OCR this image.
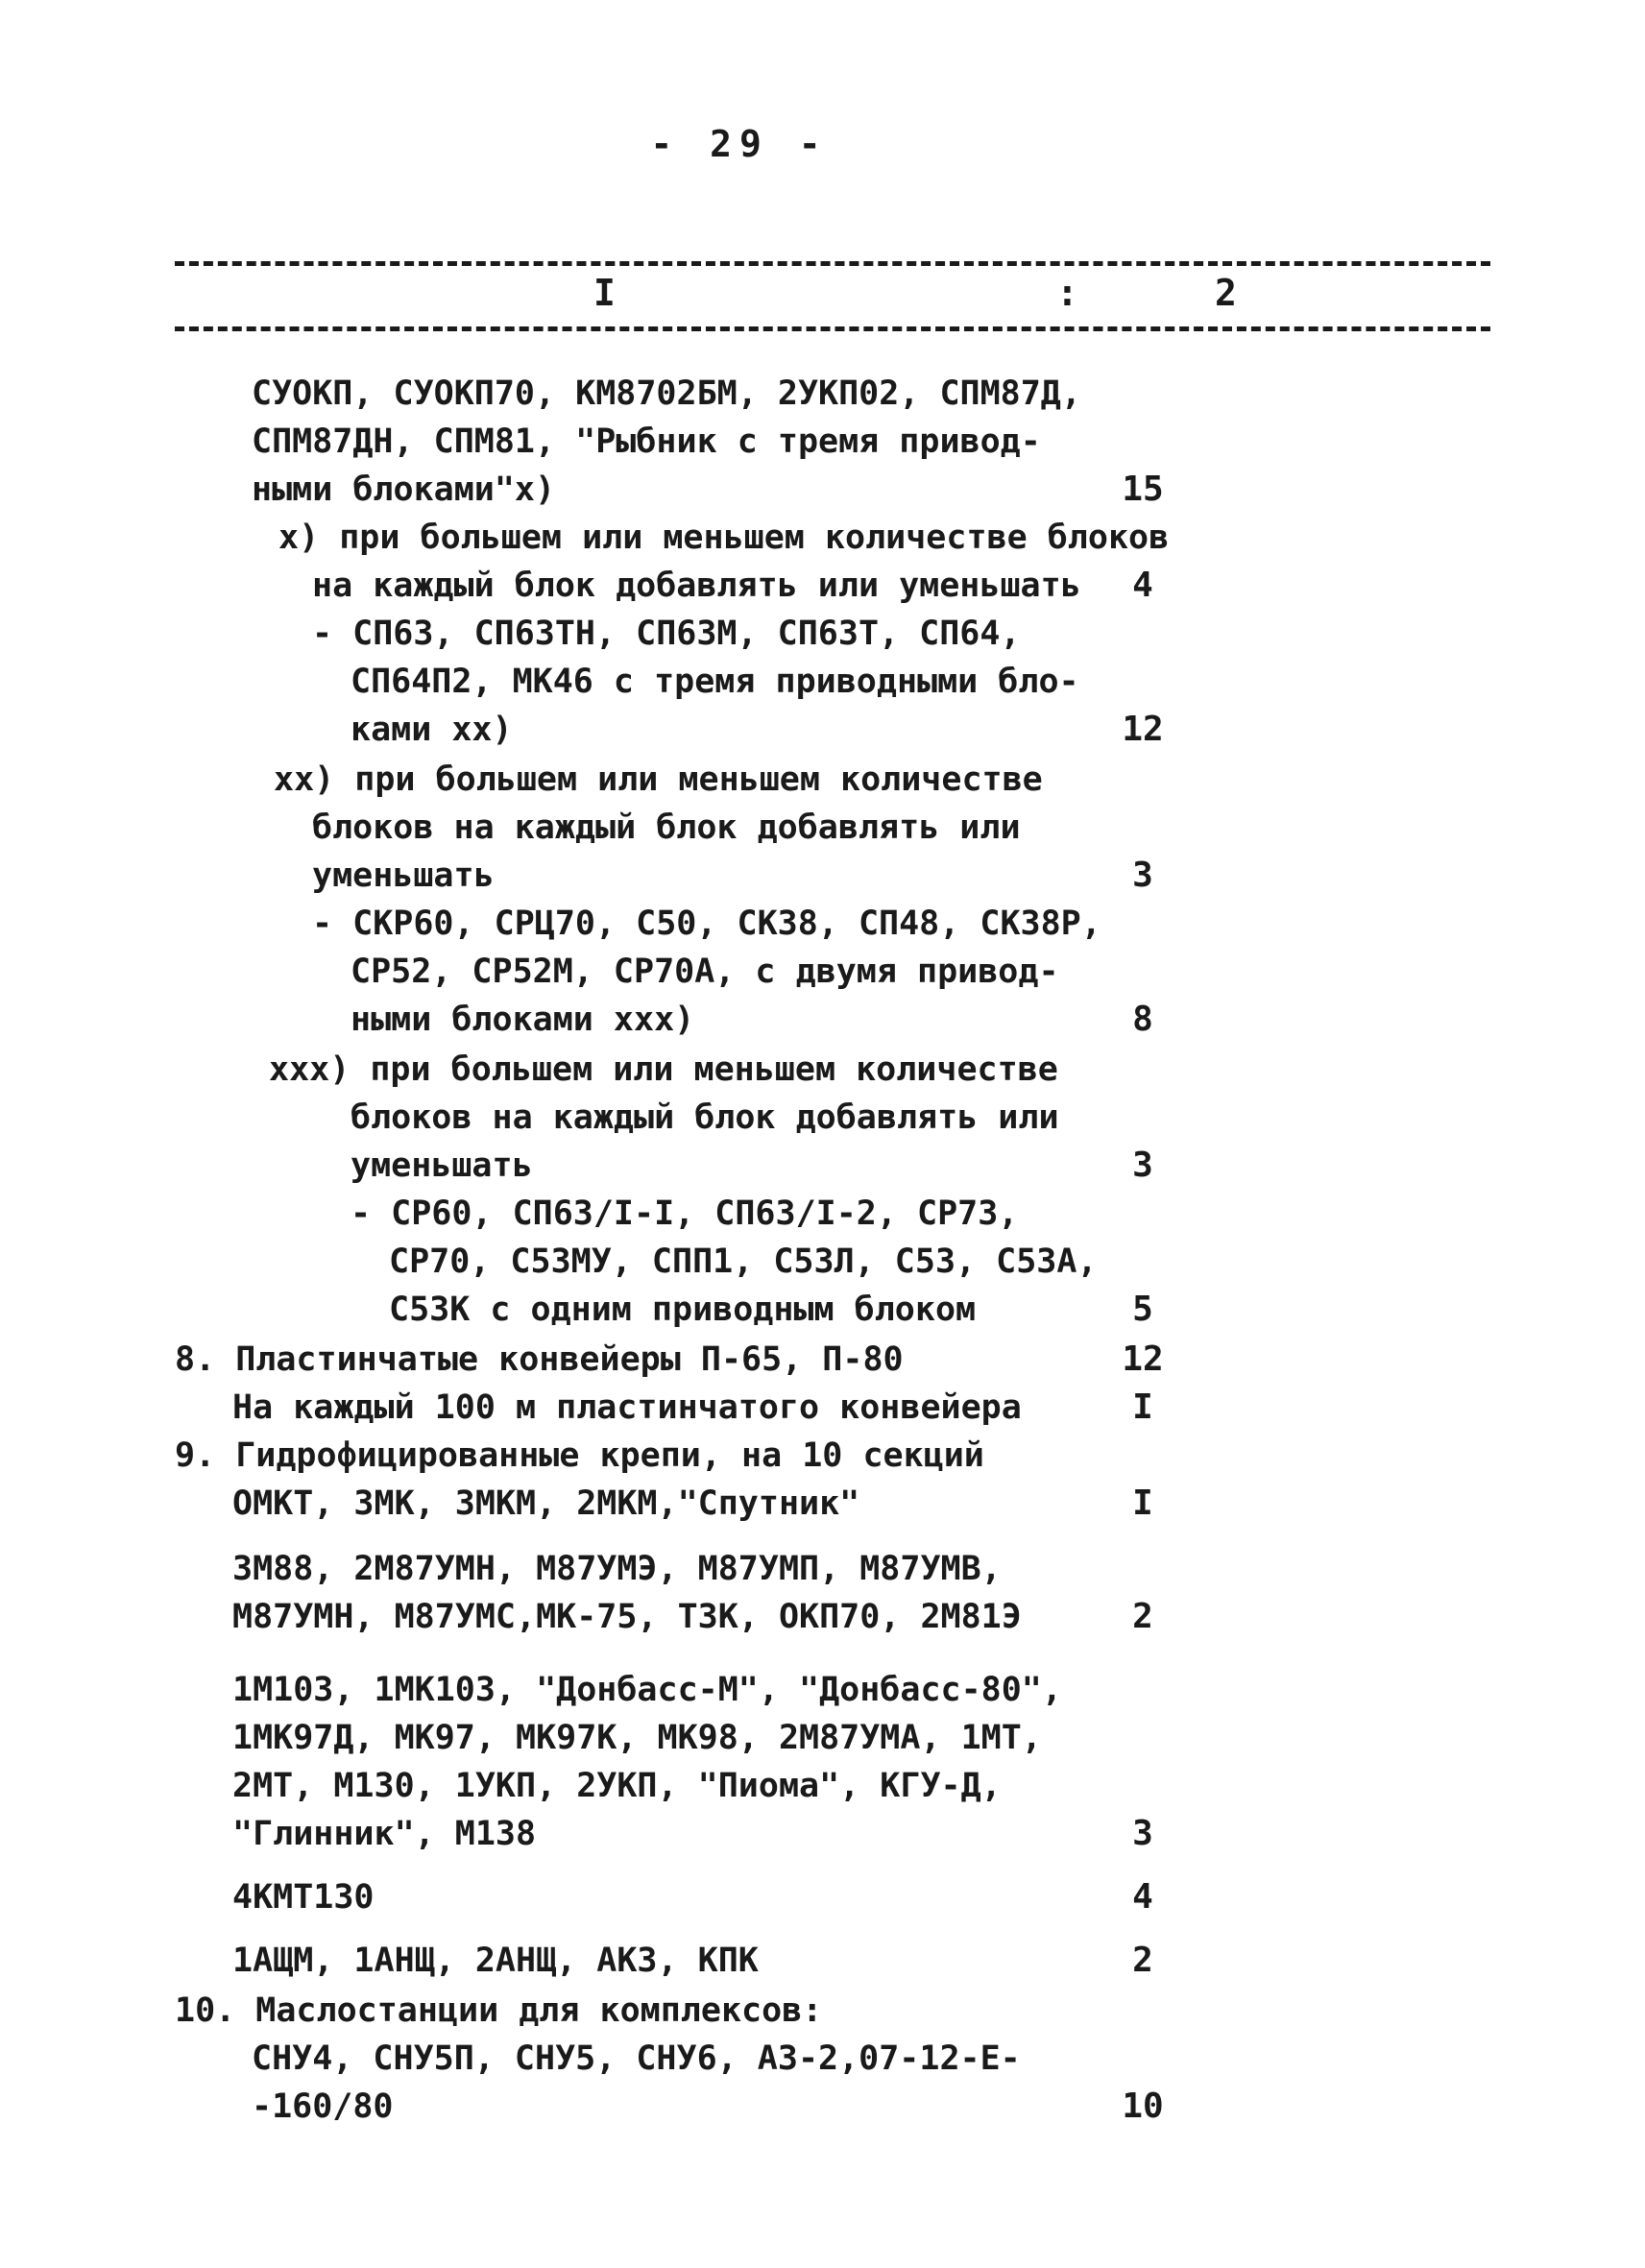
- 29 -
I	:	2
СУОКП, СУОКП70, КМ8702БМ, 2УКП02, СПМ87Д,
СПМ87ДН, СПМ81, "Рыбник с тремя привод-
ными блоками"х)
х) при большем или меньшем количестве блоков
на каждый блок добавлять или уменьшать
- СП63, СП63ТН, СП63М, СП63Т, СП64,
СП64П2, МК46 с тремя приводными бло-
ками хх)
хх) при большем или меньшем количестве
блоков на каждый блок добавлять или
уменьшать
- СКР60, СРЦ70, С50, СК38, СП48, СК38Р,
СР52, СР52М, СР70А, с двумя привод-
ными блоками ххх)
ххх) при большем или меньшем количестве
блоков на каждый блок добавлять или
уменьшать
- СР60, СП63/I-I, СП63/I-2, СР73,
СР70, С53МУ, СПП1, С53Л, С53, С53А,
С53К с одним приводным блоком
8. Пластинчатые конвейеры П-65, П-80
На каждый 100 м пластинчатого конвейера
9. Гидрофицированные крепи, на 10 секций
ОМКТ, ЗМК, ЗМКМ, 2МКМ,"Спутник"
ЗМ88, 2М87УМН, М87УМЭ, М87УМП, М87УМВ,
М87УМН, М87УМС,МК-75, ТЗК, ОКП70, 2М81Э
1М103, 1МК103, "Донбасс-М", "Донбасс-80",
1МК97Д, МК97, МК97К, МК98, 2М87УМА, 1МТ,
2МТ, М130, 1УКП, 2УКП, "Пиома", КГУ-Д,
"Глинник", М138
4КМТ130
1АЩМ, 1АНЩ, 2АНЩ, АКЗ, КПК
10. Маслостанции для комплексов:
СНУ4, СНУ5П, СНУ5, СНУ6, АЗ-2,07-12-Е-
-160/80
15
4
12
3
8
3
5
12
I
I
2
3
4
2
10
